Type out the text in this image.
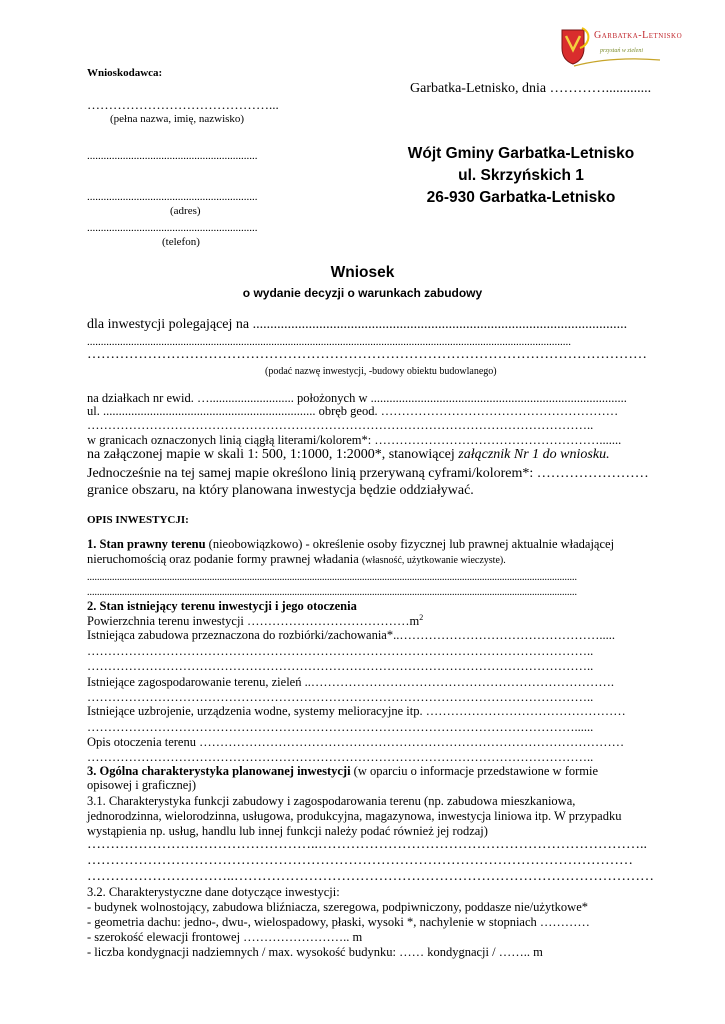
Garbatka-Letnisko
przystań w zieleni
Wnioskodawca:
Garbatka-Letnisko, dnia ………….............
……………………………………...
(pełna nazwa, imię, nazwisko)
..............................................................
..............................................................
(adres)
..............................................................
(telefon)
Wójt Gminy Garbatka-Letnisko
ul. Skrzyńskich 1
26-930 Garbatka-Letnisko
Wniosek
o wydanie decyzji o warunkach zabudowy
dla inwestycji polegającej na ...........................................................................................................
................................................................................................................................................................................
…………………………………………………………………………………………………………
(podać nazwę inwestycji, -budowy obiektu budowlanego)
na działkach nr ewid. …........................... położonych w ..................................................................................
ul. .................................................................... obręb geod. …………………………………………………
…………………………………………………………………………………………………………..
w granicach oznaczonych linią ciągłą literami/kolorem*: ……………………………………………….......
na załączonej mapie w skali 1: 500, 1:1000, 1:2000*, stanowiącej załącznik Nr 1 do wniosku.
Jednocześnie na tej samej mapie określono linią przerywaną cyframi/kolorem*: ……………………
granice obszaru, na który planowana inwestycja będzie oddziaływać.
OPIS INWESTYCJI:
1. Stan prawny terenu (nieobowiązkowo) - określenie osoby fizycznej lub prawnej aktualnie władającej
nieruchomością oraz podanie formy prawnej władania (własność, użytkowanie wieczyste).
....................................................................................................................................................................................................
....................................................................................................................................................................................................
2. Stan istniejący terenu inwestycji i jego otoczenia
Powierzchnia terenu inwestycji $\dots\dots\dots\dots\dots\dots\dots\dots\dots\dots\dots\dots\dots m^2$
Istniejąca zabudowa przeznaczona do rozbiórki/zachowania*..………………………………………….....
…………………………………………………………………………………………………………..
…………………………………………………………………………………………………………..
Istniejące zagospodarowanie terenu, zieleń ..……………………………………………………………….
…………………………………………………………………………………………………………..
Istniejące uzbrojenie, urządzenia wodne, systemy melioracyjne itp. …………………………………………
………………………………………………………………………………………………………......
Opis otoczenia terenu …………………………………………………………………………………………
…………………………………………………………………………………………………………..
3. Ogólna charakterystyka planowanej inwestycji (w oparciu o informacje przedstawione w formie
opisowej i graficznej)
3.1. Charakterystyka funkcji zabudowy i zagospodarowania terenu (np. zabudowa mieszkaniowa,
jednorodzinna, wielorodzinna, usługowa, produkcyjna, magazynowa, inwestycja liniowa itp. W przypadku
wystąpienia np. usług, handlu lub innej funkcji należy podać również jej rodzaj)
…………………………………………..……………………………………………………………..
………………………………………………………………………………………………………
…………………………..………………………………………………………………………………
3.2. Charakterystyczne dane dotyczące inwestycji:
- budynek wolnostojący, zabudowa bliźniacza, szeregowa, podpiwniczony, poddasze nie/użytkowe*
- geometria dachu: jedno-, dwu-, wielospadowy, płaski, wysoki *, nachylenie w stopniach …………
- szerokość elewacji frontowej …………………….. m
- liczba kondygnacji nadziemnych / max. wysokość budynku: …… kondygnacji / …….. m
